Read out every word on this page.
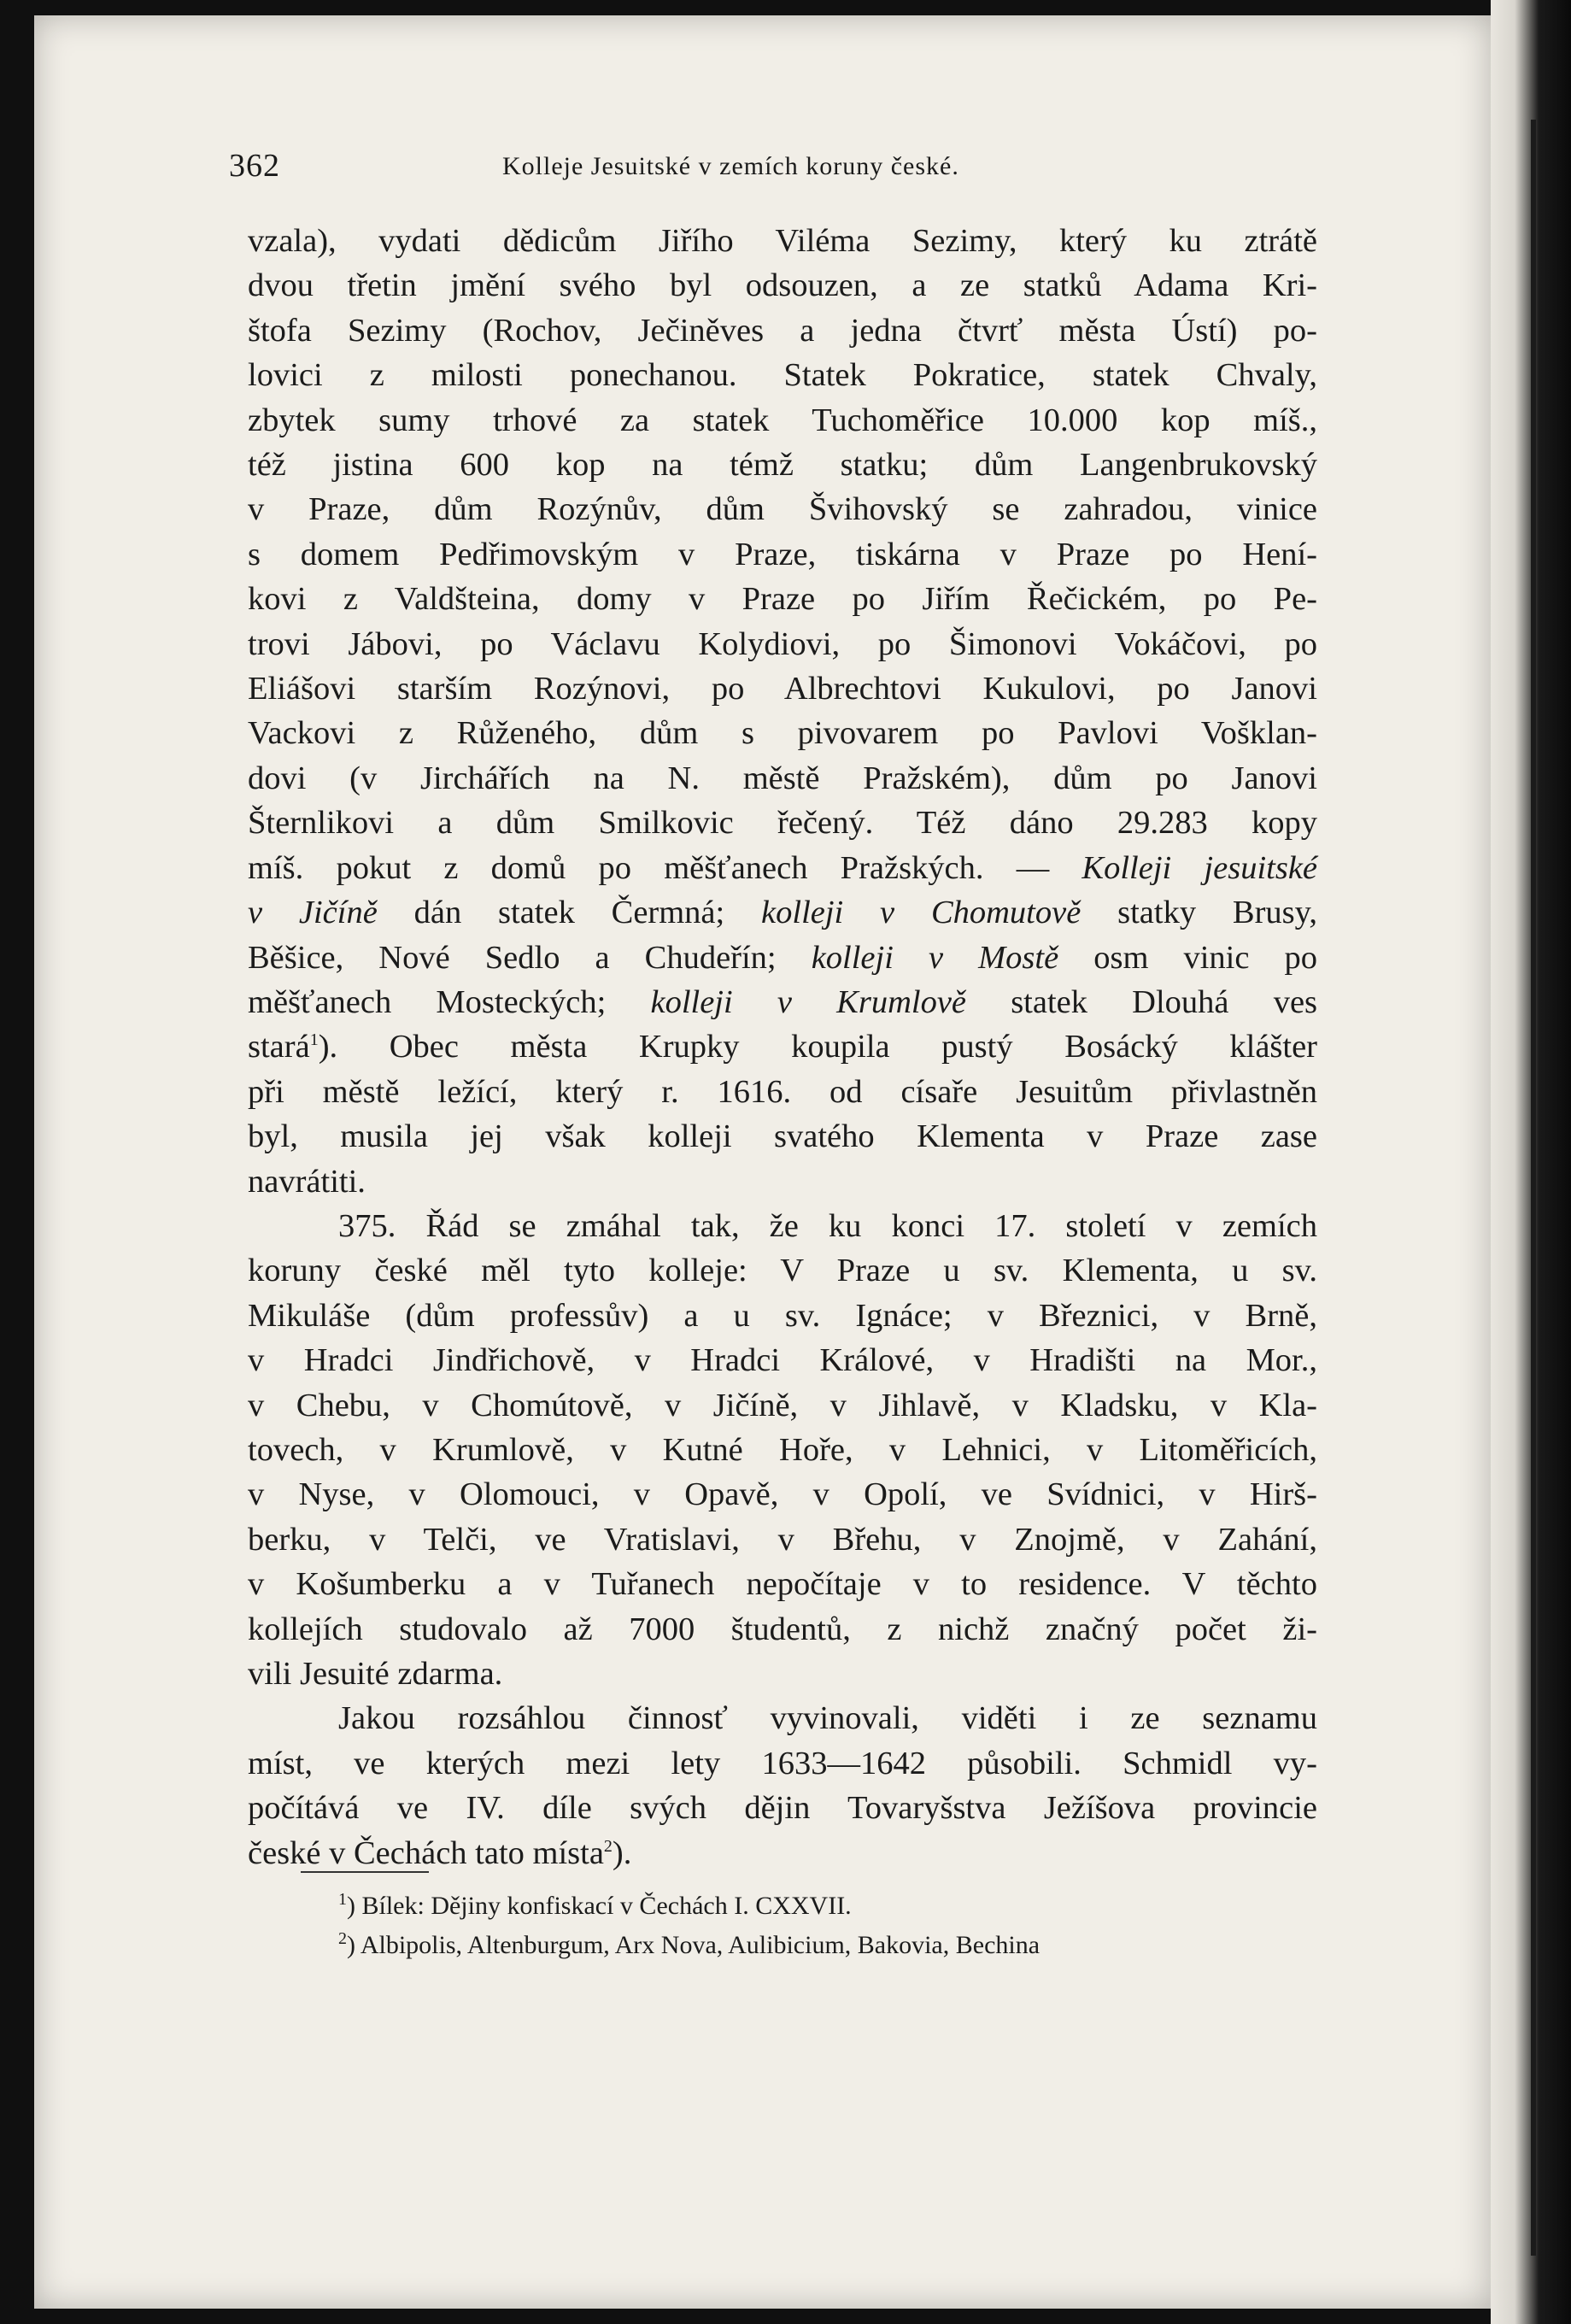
362	Kolleje Jesuitské v zemích koruny české.
vzala), vydati dědicům Jiřího Viléma Sezimy, který ku ztrátě
dvou třetin jmění svého byl odsouzen, a ze statků Adama Kri-
štofa Sezimy (Rochov, Ječiněves a jedna čtvrť města Ústí) po-
lovici z milosti ponechanou. Statek Pokratice, statek Chvaly,
zbytek sumy trhové za statek Tuchoměřice 10.000 kop míš.,
též jistina 600 kop na témž statku; dům Langenbrukovský
v Praze, dům Rozýnův, dům Švihovský se zahradou, vinice
s domem Pedřimovským v Praze, tiskárna v Praze po Hení-
kovi z Valdšteina, domy v Praze po Jiřím Řečickém, po Pe-
trovi Jábovi, po Václavu Kolydiovi, po Šimonovi Vokáčovi, po
Eliášovi starším Rozýnovi, po Albrechtovi Kukulovi, po Janovi
Vackovi z Růženého, dům s pivovarem po Pavlovi Vošklan-
dovi (v Jirchářích na N. městě Pražském), dům po Janovi
Šternlikovi a dům Smilkovic řečený. Též dáno 29.283 kopy
míš. pokut z domů po měšťanech Pražských. — Kolleji jesuitské
v Jičíně dán statek Čermná; kolleji v Chomutově statky Brusy,
Běšice, Nové Sedlo a Chudeřín; kolleji v Mostě osm vinic po
měšťanech Mosteckých; kolleji v Krumlově statek Dlouhá ves
stará$^1$). Obec města Krupky koupila pustý Bosácký klášter
při městě ležící, který r. 1616. od císaře Jesuitům přivlastněn
byl, musila jej však kolleji svatého Klementa v Praze zase
navrátiti.
375. Řád se zmáhal tak, že ku konci 17. století v zemích
koruny české měl tyto kolleje: V Praze u sv. Klementa, u sv.
Mikuláše (dům professův) a u sv. Ignáce; v Březnici, v Brně,
v Hradci Jindřichově, v Hradci Králové, v Hradišti na Mor.,
v Chebu, v Chomútově, v Jičíně, v Jihlavě, v Kladsku, v Kla-
tovech, v Krumlově, v Kutné Hoře, v Lehnici, v Litoměřicích,
v Nyse, v Olomouci, v Opavě, v Opolí, ve Svídnici, v Hirš-
berku, v Telči, ve Vratislavi, v Břehu, v Znojmě, v Zahání,
v Košumberku a v Tuřanech nepočítaje v to residence. V těchto
kollejích studovalo až 7000 študentů, z nichž značný počet ži-
vili Jesuité zdarma.
Jakou rozsáhlou činnosť vyvinovali, viděti i ze seznamu
míst, ve kterých mezi lety 1633—1642 působili. Schmidl vy-
počítává ve IV. díle svých dějin Tovaryšstva Ježíšova provincie
české v Čechách tato místa$^2$).
$^1$) Bílek: Dějiny konfiskací v Čechách I. CXXVII.
$^2$) Albipolis, Altenburgum, Arx Nova, Aulibicium, Bakovia, Bechina
